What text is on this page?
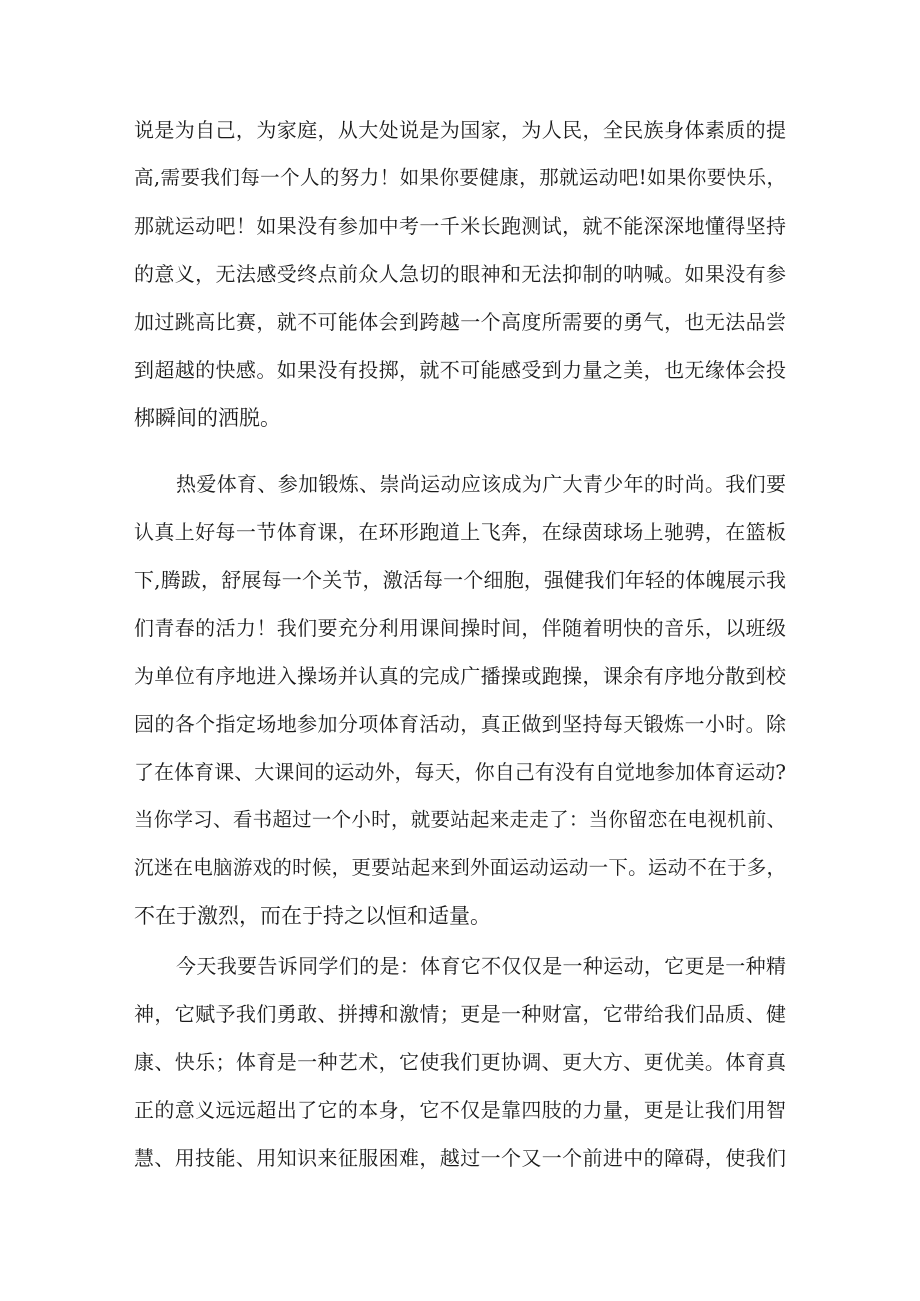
说是为自己，为家庭，从大处说是为国家，为人民，全民族身体素质的提
高,需要我们每一个人的努力！如果你要健康，那就运动吧!如果你要快乐，
那就运动吧！如果没有参加中考一千米长跑测试，就不能深深地懂得坚持
的意义，无法感受终点前众人急切的眼神和无法抑制的呐喊。如果没有参
加过跳高比赛，就不可能体会到跨越一个高度所需要的勇气，也无法品尝
到超越的快感。如果没有投掷，就不可能感受到力量之美，也无缘体会投
梆瞬间的洒脱。
热爱体育、参加锻炼、崇尚运动应该成为广大青少年的时尚。我们要
认真上好每一节体育课，在环形跑道上飞奔，在绿茵球场上驰骋，在篮板
下,腾跋，舒展每一个关节，激活每一个细胞，强健我们年轻的体魄展示我
们青春的活力！我们要充分利用课间操时间，伴随着明快的音乐，以班级
为单位有序地进入操场并认真的完成广播操或跑操，课余有序地分散到校
园的各个指定场地参加分项体育活动，真正做到坚持每天锻炼一小时。除
了在体育课、大课间的运动外，每天，你自己有没有自觉地参加体育运动?
当你学习、看书超过一个小时，就要站起来走走了：当你留恋在电视机前、
沉迷在电脑游戏的时候，更要站起来到外面运动运动一下。运动不在于多，
不在于激烈，而在于持之以恒和适量。
今天我要告诉同学们的是：体育它不仅仅是一种运动，它更是一种精
神，它赋予我们勇敢、拼搏和激情；更是一种财富，它带给我们品质、健
康、快乐；体育是一种艺术，它使我们更协调、更大方、更优美。体育真
正的意义远远超出了它的本身，它不仅是靠四肢的力量，更是让我们用智
慧、用技能、用知识来征服困难，越过一个又一个前进中的障碍，使我们
